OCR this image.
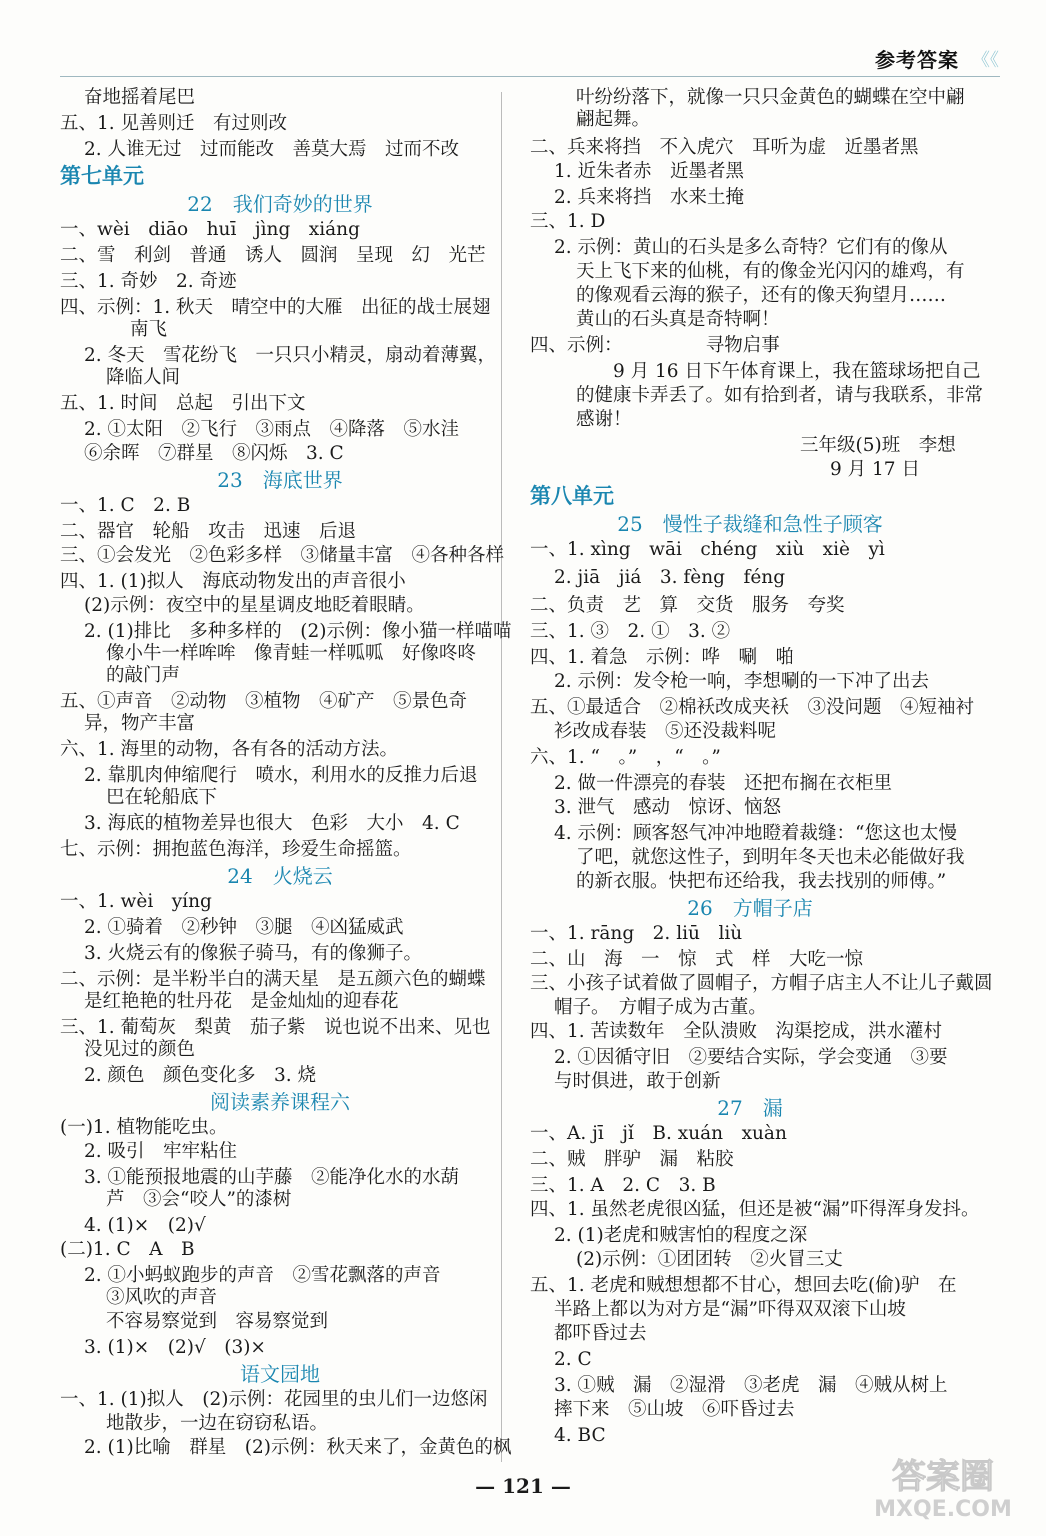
参考答案 《《
奋地摇着尾巴
五、1. 见善则迁　有过则改
2. 人谁无过　过而能改　善莫大焉　过而不改
第七单元
22　我们奇妙的世界
一、wèi　diāo　huī　jìng　xiáng
二、雪　利剑　普通　诱人　圆润　呈现　幻　光芒
三、1. 奇妙　2. 奇迹
四、示例：1. 秋天　晴空中的大雁　出征的战士展翅
南飞
2. 冬天　雪花纷飞　一只只小精灵，扇动着薄翼，
降临人间
五、1. 时间　总起　引出下文
2. ①太阳　②飞行　③雨点　④降落　⑤水洼
⑥余晖　⑦群星　⑧闪烁　3. C
23　海底世界
一、1. C　2. B
二、器官　轮船　攻击　迅速　后退
三、①会发光　②色彩多样　③储量丰富　④各种各样
四、1. (1)拟人　海底动物发出的声音很小
(2)示例：夜空中的星星调皮地眨着眼睛。
2. (1)排比　多种多样的　(2)示例：像小猫一样喵喵
像小牛一样哞哞　像青蛙一样呱呱　好像咚咚
的敲门声
五、①声音　②动物　③植物　④矿产　⑤景色奇
异，物产丰富
六、1. 海里的动物，各有各的活动方法。
2. 靠肌肉伸缩爬行　喷水，利用水的反推力后退
巴在轮船底下
3. 海底的植物差异也很大　色彩　大小　4. C
七、示例：拥抱蓝色海洋，珍爱生命摇篮。
24　火烧云
一、1. wèi　yíng
2. ①骑着　②秒钟　③腿　④凶猛威武
3. 火烧云有的像猴子骑马，有的像狮子。
二、示例：是半粉半白的满天星　是五颜六色的蝴蝶
是红艳艳的牡丹花　是金灿灿的迎春花
三、1. 葡萄灰　梨黄　茄子紫　说也说不出来、见也
没见过的颜色
2. 颜色　颜色变化多　3. 烧
阅读素养课程六
(一)1. 植物能吃虫。
2. 吸引　牢牢粘住
3. ①能预报地震的山芋藤　②能净化水的水葫
芦　③会“咬人”的漆树
4. (1)×　(2)√
(二)1. C　A　B
2. ①小蚂蚁跑步的声音　②雪花飘落的声音
③风吹的声音
不容易察觉到　容易察觉到
3. (1)×　(2)√　(3)×
语文园地
一、1. (1)拟人　(2)示例：花园里的虫儿们一边悠闲
地散步，一边在窃窃私语。
2. (1)比喻　群星　(2)示例：秋天来了，金黄色的枫
叶纷纷落下，就像一只只金黄色的蝴蝶在空中翩
翩起舞。
二、兵来将挡　不入虎穴　耳听为虚　近墨者黑
1. 近朱者赤　近墨者黑
2. 兵来将挡　水来土掩
三、1. D
2. 示例：黄山的石头是多么奇特？它们有的像从
天上飞下来的仙桃，有的像金光闪闪的雄鸡，有
的像观看云海的猴子，还有的像天狗望月……
黄山的石头真是奇特啊！
四、示例：　　　　　寻物启事
　　9 月 16 日下午体育课上，我在篮球场把自己
的健康卡弄丢了。如有拾到者，请与我联系，非常
感谢！
三年级(5)班　李想
9 月 17 日
第八单元
25　慢性子裁缝和急性子顾客
一、1. xìng　wāi　chéng　xiù　xiè　yì
2. jiā　jiá　3. fèng　féng
二、负责　艺　算　交货　服务　夸奖
三、1. ③　2. ①　3. ②
四、1. 着急　示例：哗　唰　啪
2. 示例：发令枪一响，李想唰的一下冲了出去
五、①最适合　②棉袄改成夹袄　③没问题　④短袖衬
衫改成春装　⑤还没裁料呢
六、1. “　。”　，“　。”
2. 做一件漂亮的春装　还把布搁在衣柜里
3. 泄气　感动　惊讶、恼怒
4. 示例：顾客怒气冲冲地瞪着裁缝：“您这也太慢
了吧，就您这性子，到明年冬天也未必能做好我
的新衣服。快把布还给我，我去找别的师傅。”
26　方帽子店
一、1. rāng　2. liū　liù
二、山　海　一　惊　式　样　大吃一惊
三、小孩子试着做了圆帽子，方帽子店主人不让儿子戴圆
帽子。　方帽子成为古董。
四、1. 苦读数年　全队溃败　沟渠挖成，洪水灌村
2. ①因循守旧　②要结合实际，学会变通　③要
与时俱进，敢于创新
27　漏
一、A. jī　jǐ　B. xuán　xuàn
二、贼　胖驴　漏　粘胶
三、1. A　2. C　3. B
四、1. 虽然老虎很凶猛，但还是被“漏”吓得浑身发抖。
2. (1)老虎和贼害怕的程度之深
(2)示例：①团团转　②火冒三丈
五、1. 老虎和贼想想都不甘心，想回去吃(偷)驴　在
半路上都以为对方是“漏”吓得双双滚下山坡
都吓昏过去
2. C
3. ①贼　漏　②湿滑　③老虎　漏　④贼从树上
摔下来　⑤山坡　⑥吓昏过去
4. BC
— 121 —	答案圈
MXQE.COM
